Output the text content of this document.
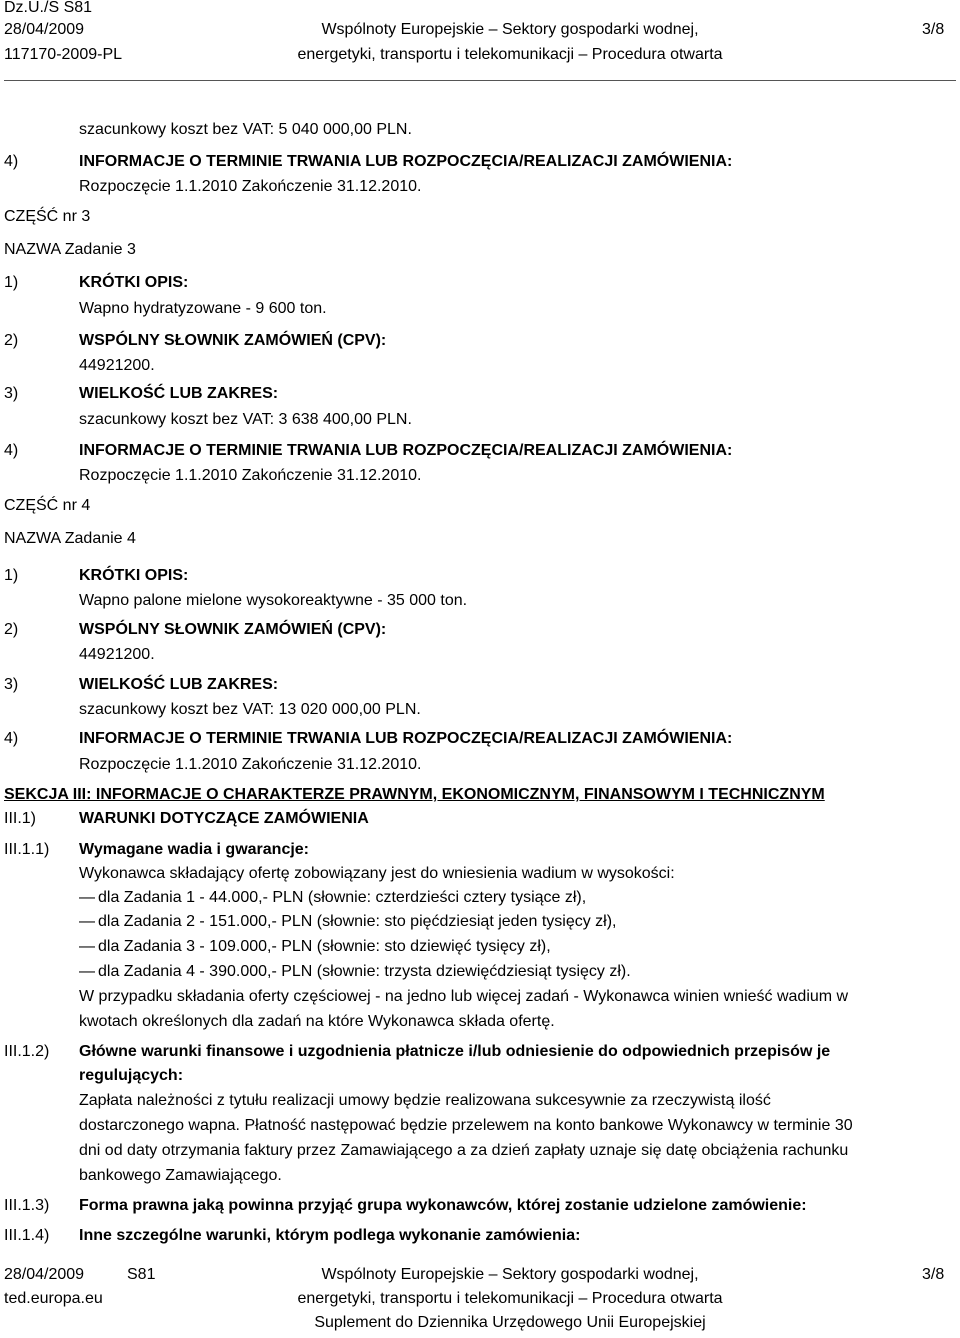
Dz.U./S S81
28/04/2009
117170-2009-PL
Wspólnoty Europejskie – Sektory gospodarki wodnej,
energetyki, transportu i telekomunikacji – Procedura otwarta
3/8
szacunkowy koszt bez VAT: 5 040 000,00 PLN.
4)	INFORMACJE O TERMINIE TRWANIA LUB ROZPOCZĘCIA/REALIZACJI ZAMÓWIENIA:
Rozpoczęcie 1.1.2010 Zakończenie 31.12.2010.
CZĘŚĆ nr 3
NAZWA Zadanie 3
1)	KRÓTKI OPIS:
Wapno hydratyzowane - 9 600 ton.
2)	WSPÓLNY SŁOWNIK ZAMÓWIEŃ (CPV):
44921200.
3)	WIELKOŚĆ LUB ZAKRES:
szacunkowy koszt bez VAT: 3 638 400,00 PLN.
4)	INFORMACJE O TERMINIE TRWANIA LUB ROZPOCZĘCIA/REALIZACJI ZAMÓWIENIA:
Rozpoczęcie 1.1.2010 Zakończenie 31.12.2010.
CZĘŚĆ nr 4
NAZWA Zadanie 4
1)	KRÓTKI OPIS:
Wapno palone mielone wysokoreaktywne - 35 000 ton.
2)	WSPÓLNY SŁOWNIK ZAMÓWIEŃ (CPV):
44921200.
3)	WIELKOŚĆ LUB ZAKRES:
szacunkowy koszt bez VAT: 13 020 000,00 PLN.
4)	INFORMACJE O TERMINIE TRWANIA LUB ROZPOCZĘCIA/REALIZACJI ZAMÓWIENIA:
Rozpoczęcie 1.1.2010 Zakończenie 31.12.2010.
SEKCJA III: INFORMACJE O CHARAKTERZE PRAWNYM, EKONOMICZNYM, FINANSOWYM I TECHNICZNYM
III.1)	WARUNKI DOTYCZĄCE ZAMÓWIENIA
III.1.1) Wymagane wadia i gwarancje:
Wykonawca składający ofertę zobowiązany jest do wniesienia wadium w wysokości:
— dla Zadania 1 - 44.000,- PLN (słownie: czterdzieści cztery tysiące zł),
— dla Zadania 2 - 151.000,- PLN (słownie: sto pięćdziesiąt jeden tysięcy zł),
— dla Zadania 3 - 109.000,- PLN (słownie: sto dziewięć tysięcy zł),
— dla Zadania 4 - 390.000,- PLN (słownie: trzysta dziewięćdziesiąt tysięcy zł).
W przypadku składania oferty częściowej - na jedno lub więcej zadań - Wykonawca winien wnieść wadium w
kwotach określonych dla zadań na które Wykonawca składa ofertę.
III.1.2) Główne warunki finansowe i uzgodnienia płatnicze i/lub odniesienie do odpowiednich przepisów je
regulujących:
Zapłata należności z tytułu realizacji umowy będzie realizowana sukcesywnie za rzeczywistą ilość
dostarczonego wapna. Płatność następować będzie przelewem na konto bankowe Wykonawcy w terminie 30
dni od daty otrzymania faktury przez Zamawiającego a za dzień zapłaty uznaje się datę obciążenia rachunku
bankowego Zamawiającego.
III.1.3) Forma prawna jaką powinna przyjąć grupa wykonawców, której zostanie udzielone zamówienie:
III.1.4) Inne szczególne warunki, którym podlega wykonanie zamówienia:
28/04/2009	S81
ted.europa.eu
Wspólnoty Europejskie – Sektory gospodarki wodnej,
energetyki, transportu i telekomunikacji – Procedura otwarta
Suplement do Dziennika Urzędowego Unii Europejskiej
3/8
